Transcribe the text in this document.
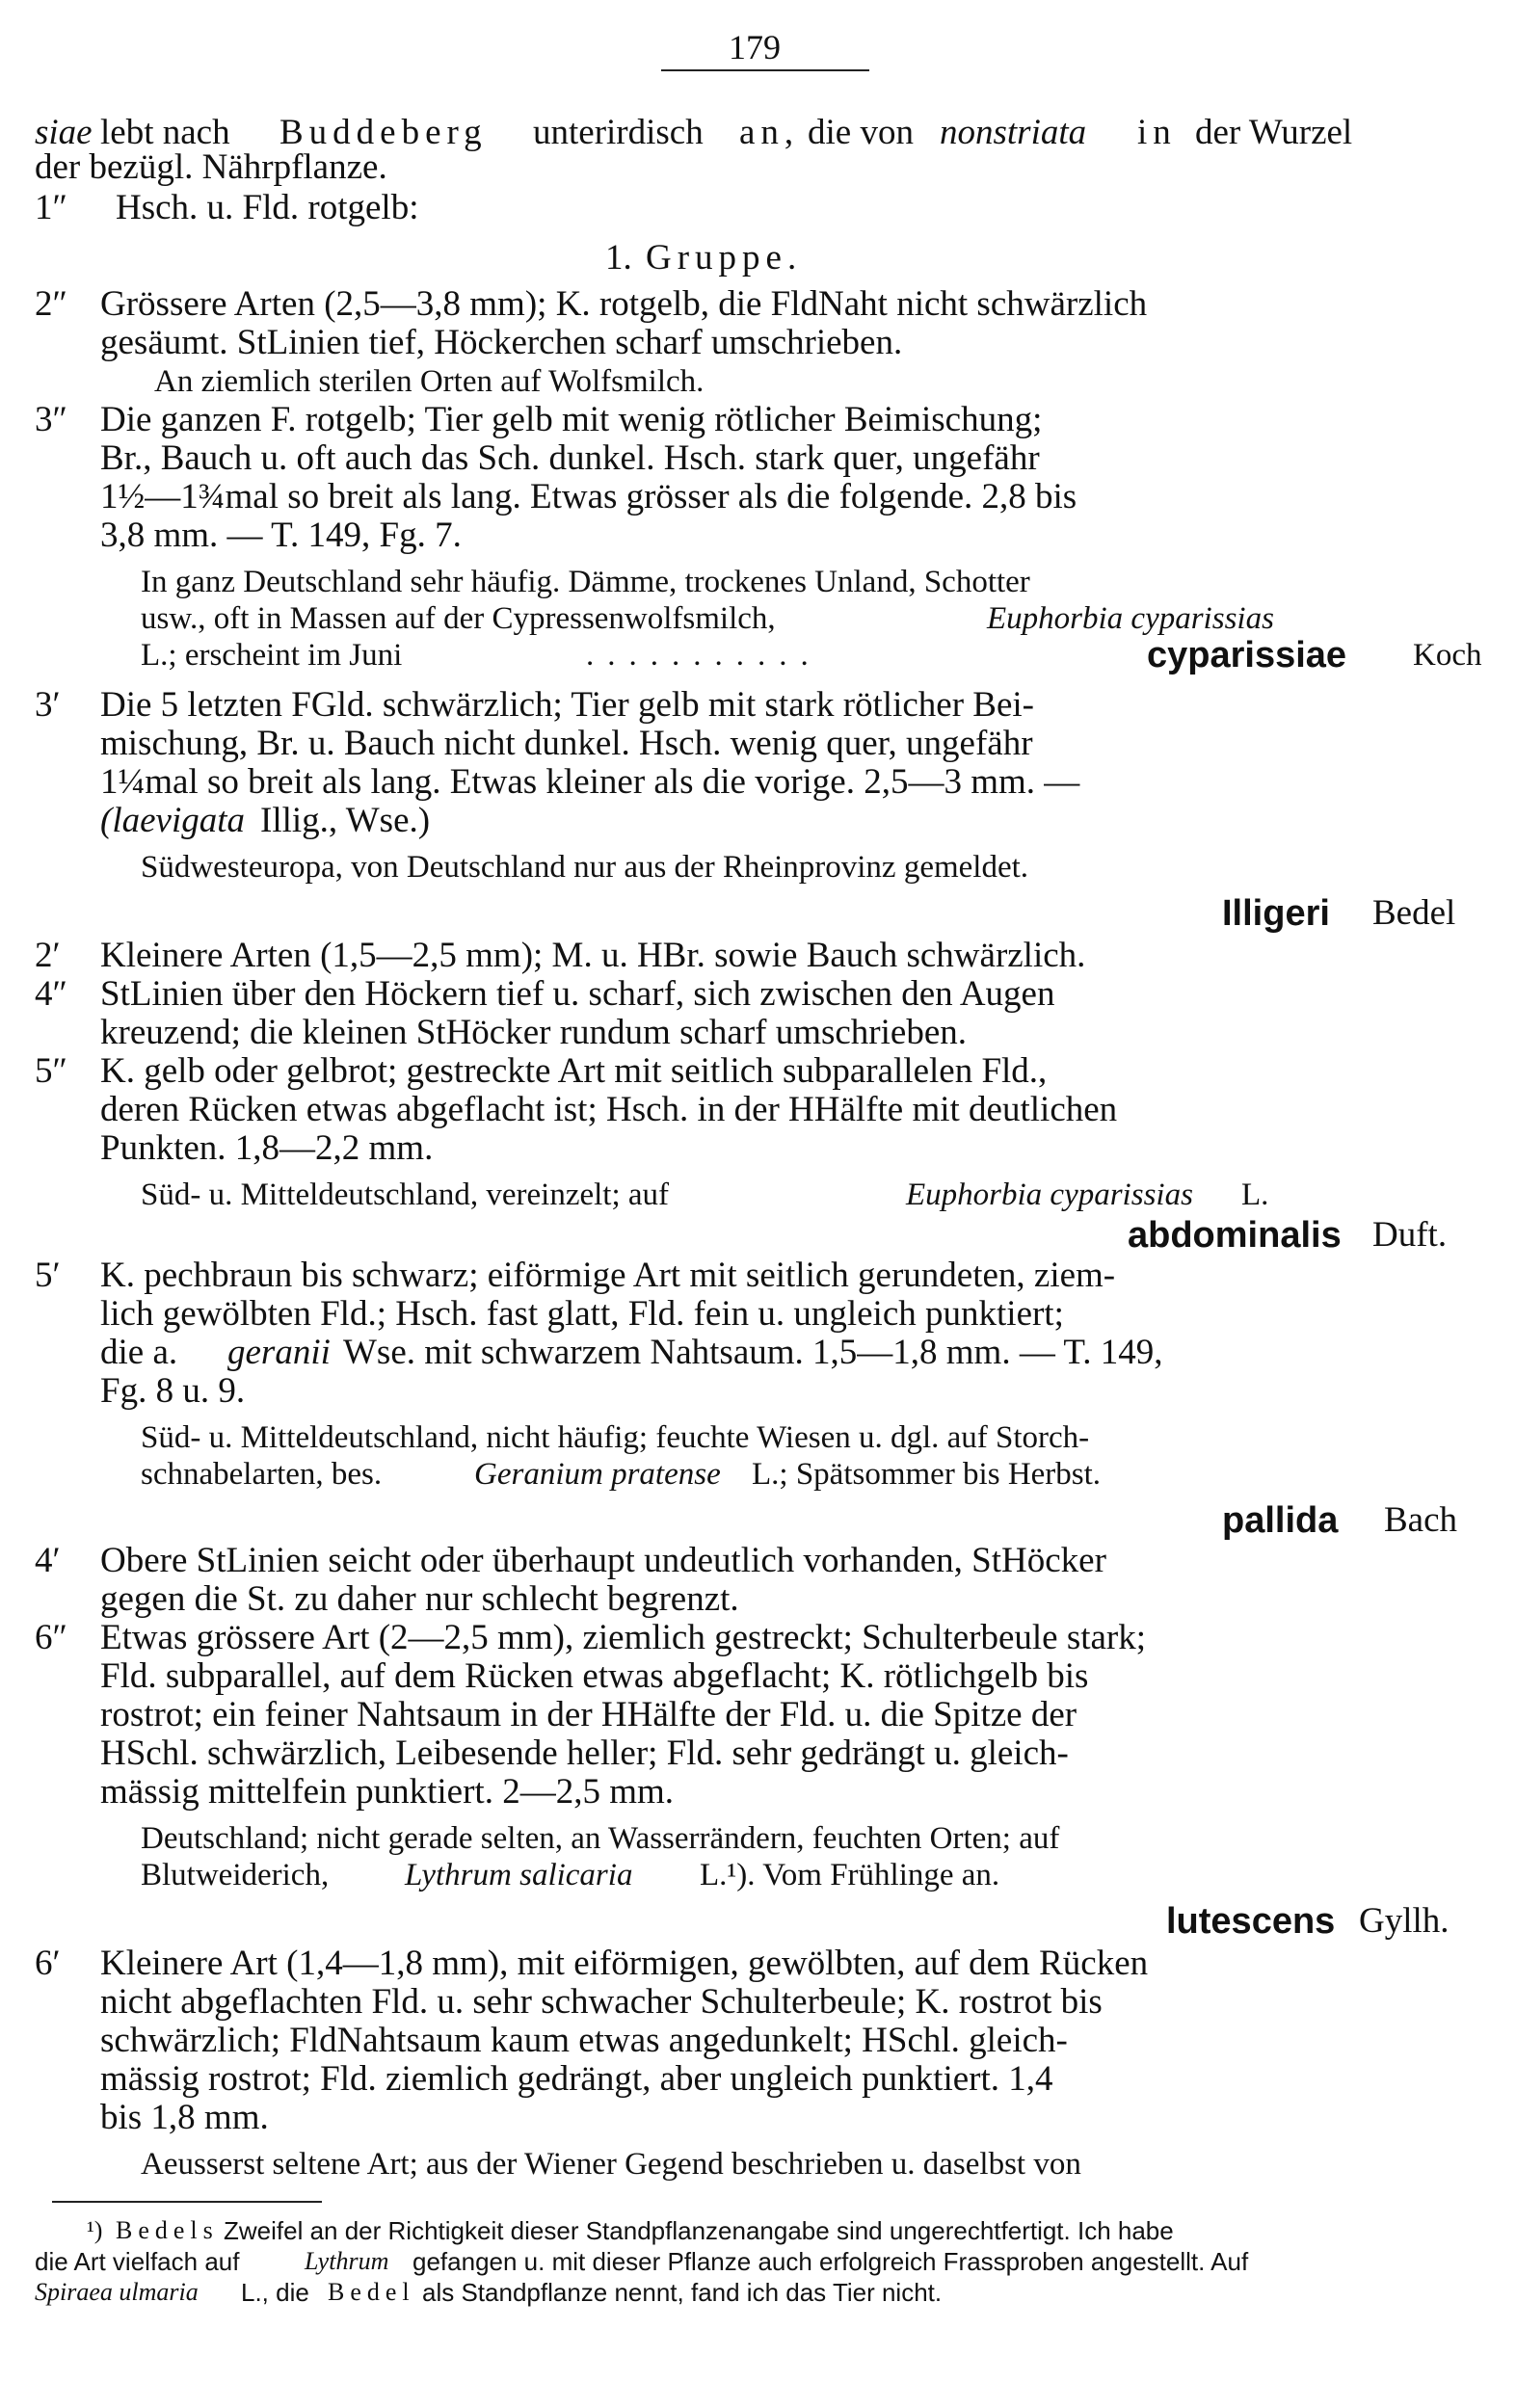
179
siae lebt nach Buddeberg unterirdisch an, die von nonstriata in der Wurzel
der bezügl. Nährpflanze.
1″ Hsch. u. Fld. rotgelb:
1. Gruppe.
2″ Grössere Arten (2,5—3,8 mm); K. rotgelb, die FldNaht nicht schwärzlich
gesäumt. StLinien tief, Höckerchen scharf umschrieben.
An ziemlich sterilen Orten auf Wolfsmilch.
3″ Die ganzen F. rotgelb; Tier gelb mit wenig rötlicher Beimischung;
Br., Bauch u. oft auch das Sch. dunkel. Hsch. stark quer, ungefähr
1½—1¾mal so breit als lang. Etwas grösser als die folgende. 2,8 bis
3,8 mm. — T. 149, Fg. 7.
In ganz Deutschland sehr häufig. Dämme, trockenes Unland, Schotter
usw., oft in Massen auf der Cypressenwolfsmilch,	Euphorbia cyparissias
L.; erscheint im Juni	...........	cyparissiae Koch
3′ Die 5 letzten FGld. schwärzlich; Tier gelb mit stark rötlicher Bei-
mischung, Br. u. Bauch nicht dunkel. Hsch. wenig quer, ungefähr
1¼mal so breit als lang. Etwas kleiner als die vorige. 2,5—3 mm. —
(laevigata Illig., Wse.)
Südwesteuropa, von Deutschland nur aus der Rheinprovinz gemeldet.
Illigeri Bedel
2′ Kleinere Arten (1,5—2,5 mm); M. u. HBr. sowie Bauch schwärzlich.
4″ StLinien über den Höckern tief u. scharf, sich zwischen den Augen
kreuzend; die kleinen StHöcker rundum scharf umschrieben.
5″ K. gelb oder gelbrot; gestreckte Art mit seitlich subparallelen Fld.,
deren Rücken etwas abgeflacht ist; Hsch. in der HHälfte mit deutlichen
Punkten. 1,8—2,2 mm.
Süd- u. Mitteldeutschland, vereinzelt; auf	Euphorbia cyparissias L.
abdominalis Duft.
5′ K. pechbraun bis schwarz; eiförmige Art mit seitlich gerundeten, ziem-
lich gewölbten Fld.; Hsch. fast glatt, Fld. fein u. ungleich punktiert;
die a. geranii Wse. mit schwarzem Nahtsaum. 1,5—1,8 mm. — T. 149,
Fg. 8 u. 9.
Süd- u. Mitteldeutschland, nicht häufig; feuchte Wiesen u. dgl. auf Storch-
schnabelarten, bes.	Geranium pratense L.; Spätsommer bis Herbst.
pallida Bach
4′ Obere StLinien seicht oder überhaupt undeutlich vorhanden, StHöcker
gegen die St. zu daher nur schlecht begrenzt.
6″ Etwas grössere Art (2—2,5 mm), ziemlich gestreckt; Schulterbeule stark;
Fld. subparallel, auf dem Rücken etwas abgeflacht; K. rötlichgelb bis
rostrot; ein feiner Nahtsaum in der HHälfte der Fld. u. die Spitze der
HSchl. schwärzlich, Leibesende heller; Fld. sehr gedrängt u. gleich-
mässig mittelfein punktiert. 2—2,5 mm.
Deutschland; nicht gerade selten, an Wasserrändern, feuchten Orten; auf
Blutweiderich, Lythrum salicaria L.¹). Vom Frühlinge an.
lutescens Gyllh.
6′ Kleinere Art (1,4—1,8 mm), mit eiförmigen, gewölbten, auf dem Rücken
nicht abgeflachten Fld. u. sehr schwacher Schulterbeule; K. rostrot bis
schwärzlich; FldNahtsaum kaum etwas angedunkelt; HSchl. gleich-
mässig rostrot; Fld. ziemlich gedrängt, aber ungleich punktiert. 1,4
bis 1,8 mm.
Aeusserst seltene Art; aus der Wiener Gegend beschrieben u. daselbst von
¹) Bedels Zweifel an der Richtigkeit dieser Standpflanzenangabe sind ungerechtfertigt. Ich habe
die Art vielfach auf	Lythrum gefangen u. mit dieser Pflanze auch erfolgreich Frassproben angestellt. Auf
Spiraea ulmaria L., die Bedel als Standpflanze nennt, fand ich das Tier nicht.
